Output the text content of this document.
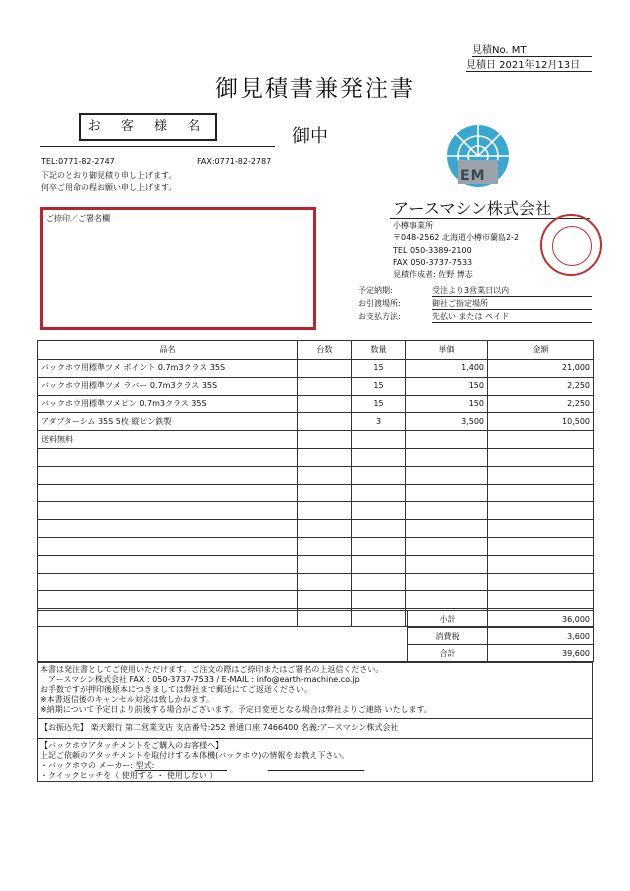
見積No. MT
見積日 2021年12月13日
御見積書兼発注書
お 客 様 名	御中
TEL:0771-82-2747	FAX:0771-82-2787
下記のとおり御見積り申し上げます。
何卒ご用命の程お願い申し上げます。
ご捺印／ご署名欄
EM
アースマシン株式会社
小樽事業所
〒048-2562 北海道小樽市蘭島2-2
TEL 050-3389-2100
FAX 050-3737-7533
見積作成者: 佐野 博志
予定納期:	受注より3営業日以内
お引渡場所:	御社ご指定場所
お支払方法:	先払い または ペイド
品名	台数	数量	単価	金額
バックホウ用標準ツメ ポイント 0.7m3クラス 35S		15	1,400	21,000
バックホウ用標準ツメ ラバー 0.7m3クラス 35S		15	150	2,250
バックホウ用標準ツメピン 0.7m3クラス 35S		15	150	2,250
アダプターシム 35S 5枚 縦ピン鉄製		3	3,500	10,500
送料無料				

	小計	36,000
	消費税	3,600
	合計	39,600
本書は発注書としてご使用いただけます。ご注文の際はご捺印またはご署名の上返信ください。
　アースマシン株式会社 FAX : 050-3737-7533 / E-MAIL : info@earth-machine.co.jp
お手数ですが押印後原本につきましては弊社まで郵送にてご返送ください。
※本書返信後のキャンセル対応は致しかねます。
※納期について予定日より前後する場合がございます。予定日変更となる場合は弊社よりご連絡 いたします。
【お振込先】 楽天銀行 第二営業支店 支店番号:252 普通口座 7466400 名義:アースマシン株式会社
【バックホウアタッチメントをご購入のお客様へ】
上記ご依頼のアタッチメントを取付けする本体機(バックホウ)の情報をお教え下さい。
・バックホウの メーカー: 型式:
・クイックヒッチを（ 使用する ・ 使用しない ）
